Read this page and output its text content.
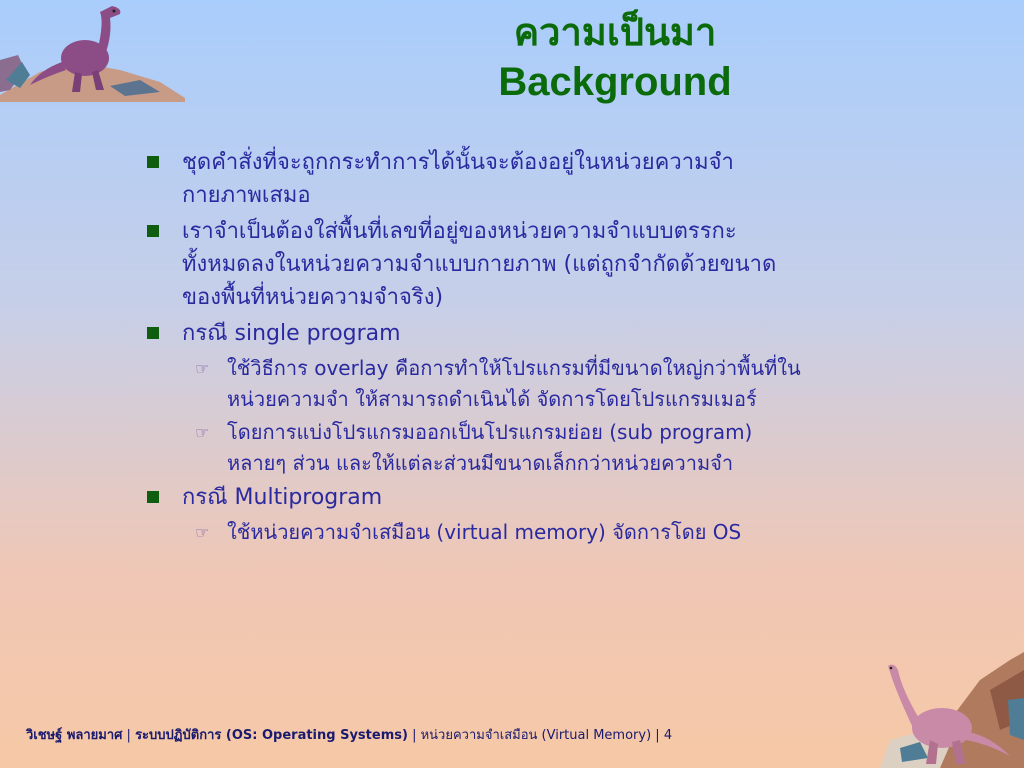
ความเป็นมา
Background
ชุดคำสั่งที่จะถูกกระทำการได้นั้นจะต้องอยู่ในหน่วยความจำ
กายภาพเสมอ
เราจำเป็นต้องใส่พื้นที่เลขที่อยู่ของหน่วยความจำแบบตรรกะ
ทั้งหมดลงในหน่วยความจำแบบกายภาพ (แต่ถูกจำกัดด้วยขนาด
ของพื้นที่หน่วยความจำจริง)
กรณี single program
☞ ใช้วิธีการ overlay คือการทำให้โปรแกรมที่มีขนาดใหญ่กว่าพื้นที่ใน
หน่วยความจำ ให้สามารถดำเนินได้ จัดการโดยโปรแกรมเมอร์
☞ โดยการแบ่งโปรแกรมออกเป็นโปรแกรมย่อย (sub program)
หลายๆ ส่วน และให้แต่ละส่วนมีขนาดเล็กกว่าหน่วยความจำ
กรณี Multiprogram
☞ ใช้หน่วยความจำเสมือน (virtual memory) จัดการโดย OS
วิเชษฐ์ พลายมาศ | ระบบปฏิบัติการ (OS: Operating Systems) | หน่วยความจำเสมือน (Virtual Memory) | 4
